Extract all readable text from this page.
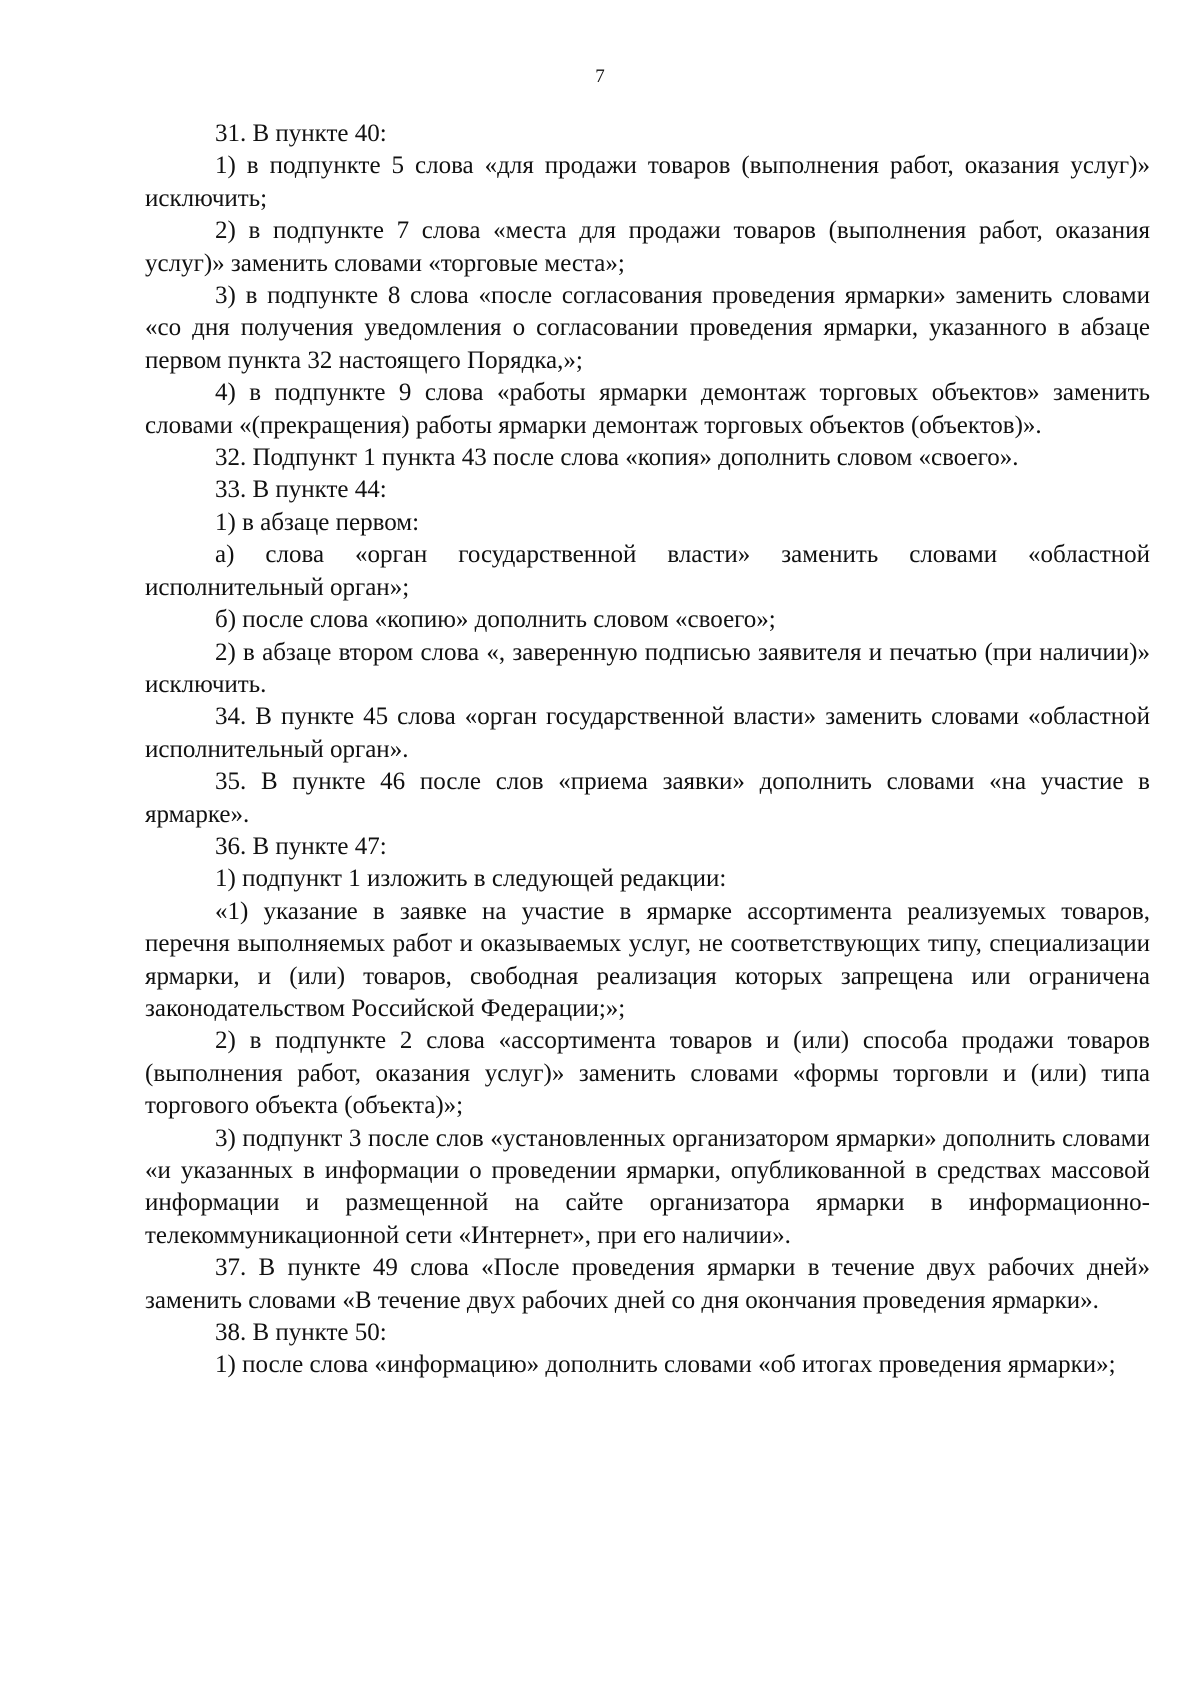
7

31. В пункте 40:

1) в подпункте 5 слова «для продажи товаров (выполнения работ, оказания услуг)» исключить;

2) в подпункте 7 слова «места для продажи товаров (выполнения работ, оказания услуг)» заменить словами «торговые места»;

3) в подпункте 8 слова «после согласования проведения ярмарки» заменить словами «со дня получения уведомления о согласовании проведения ярмарки, указанного в абзаце первом пункта 32 настоящего Порядка,»;

4) в подпункте 9 слова «работы ярмарки демонтаж торговых объектов» заменить словами «(прекращения) работы ярмарки демонтаж торговых объектов (объектов)».

32. Подпункт 1 пункта 43 после слова «копия» дополнить словом «своего».

33. В пункте 44:

1) в абзаце первом:

а) слова «орган государственной власти» заменить словами «областной исполнительный орган»;

б) после слова «копию» дополнить словом «своего»;

2) в абзаце втором слова «, заверенную подписью заявителя и печатью (при наличии)» исключить.

34. В пункте 45 слова «орган государственной власти» заменить словами «областной исполнительный орган».

35. В пункте 46 после слов «приема заявки» дополнить словами «на участие в ярмарке».

36. В пункте 47:

1) подпункт 1 изложить в следующей редакции:

«1) указание в заявке на участие в ярмарке ассортимента реализуемых товаров, перечня выполняемых работ и оказываемых услуг, не соответствующих типу, специализации ярмарки, и (или) товаров, свободная реализация которых запрещена или ограничена законодательством Российской Федерации;»;

2) в подпункте 2 слова «ассортимента товаров и (или) способа продажи товаров (выполнения работ, оказания услуг)» заменить словами «формы торговли и (или) типа торгового объекта (объекта)»;

3) подпункт 3 после слов «установленных организатором ярмарки» дополнить словами «и указанных в информации о проведении ярмарки, опубликованной в средствах массовой информации и размещенной на сайте организатора ярмарки в информационно-телекоммуникационной сети «Интернет», при его наличии».

37. В пункте 49 слова «После проведения ярмарки в течение двух рабочих дней» заменить словами «В течение двух рабочих дней со дня окончания проведения ярмарки».

38. В пункте 50:

1) после слова «информацию» дополнить словами «об итогах проведения ярмарки»;
